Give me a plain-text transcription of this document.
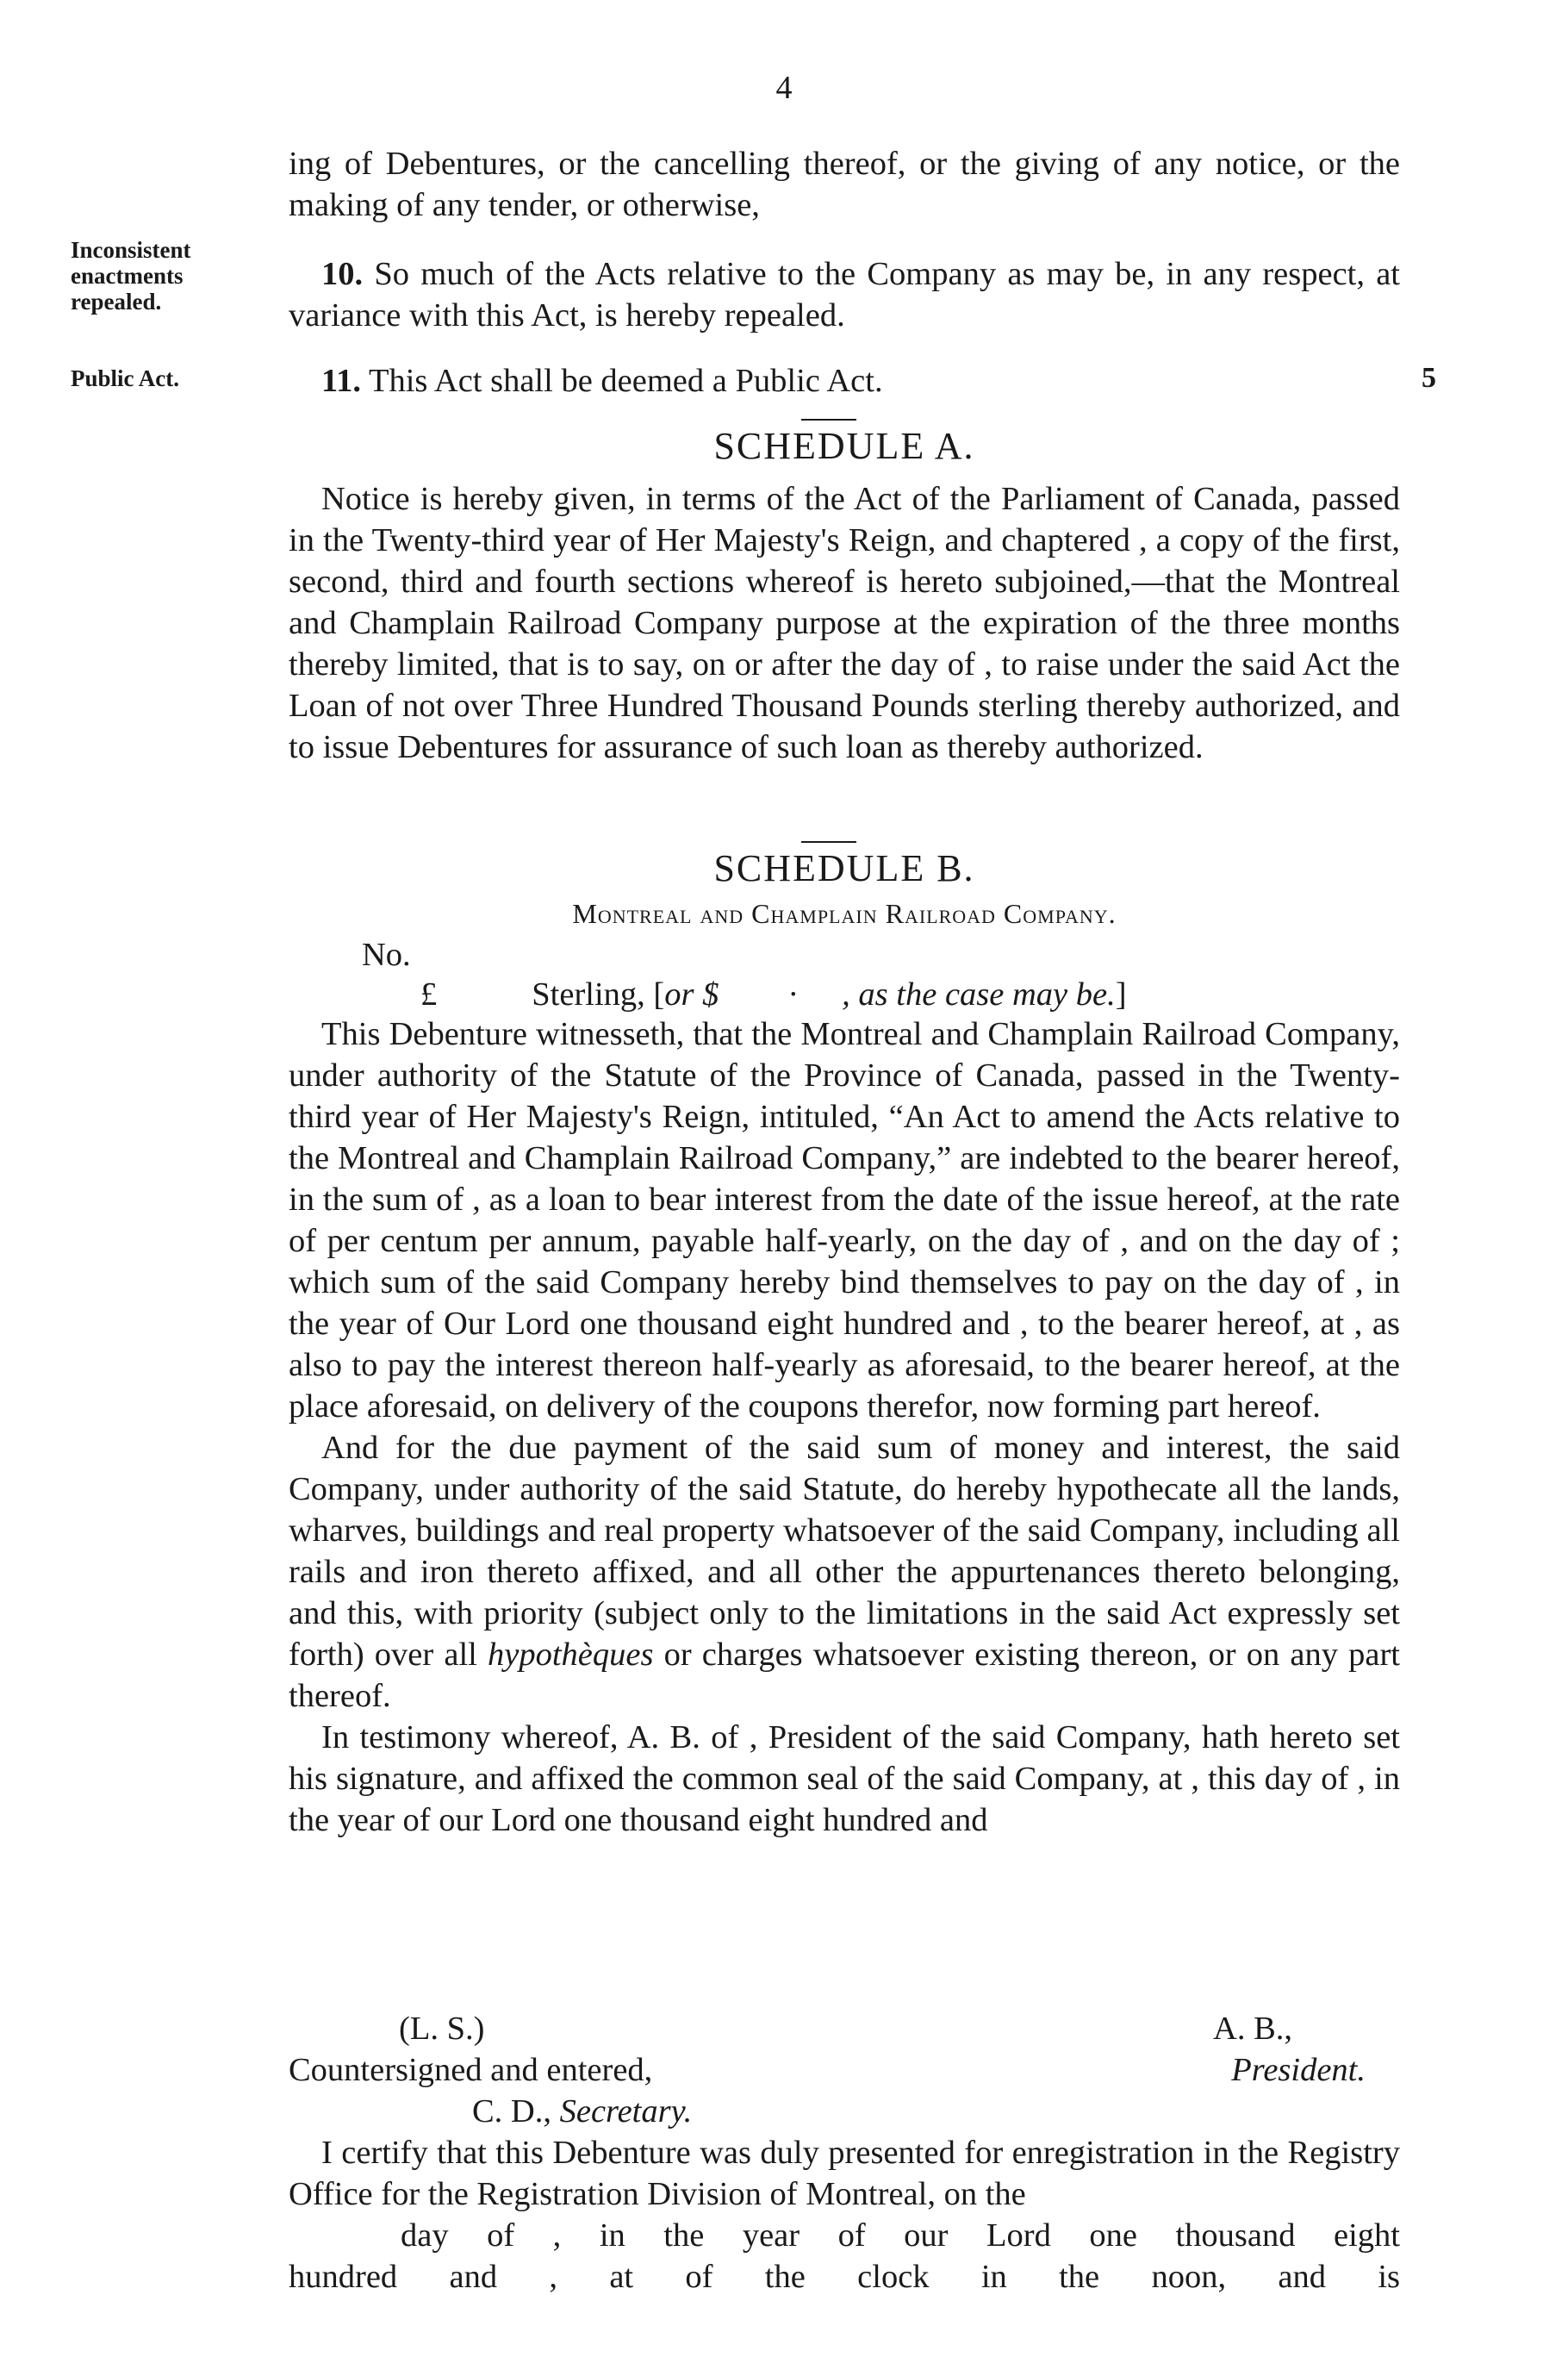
4
Inconsistent enactments repealed.
Public Act.	5

ing of Debentures, or the cancelling thereof, or the giving of any notice, or the making of any tender, or otherwise,

10. So much of the Acts relative to the Company as may be, in any respect, at variance with this Act, is hereby repealed.

11. This Act shall be deemed a Public Act.

SCHEDULE A.

Notice is hereby given, in terms of the Act of the Parliament of Canada, passed in the Twenty-third year of Her Majesty's Reign, and chaptered , a copy of the first, second, third and fourth sections whereof is hereto subjoined,—that the Montreal and Champlain Railroad Company purpose at the expiration of the three months thereby limited, that is to say, on or after the day of , to raise under the said Act the Loan of not over Three Hundred Thousand Pounds sterling thereby authorized, and to issue Debentures for assurance of such loan as thereby authorized.

SCHEDULE B.
Montreal and Champlain Railroad Company.
No.
£	Sterling, [or $ · , as the case may be.]

This Debenture witnesseth, that the Montreal and Champlain Railroad Company, under authority of the Statute of the Province of Canada, passed in the Twenty-third year of Her Majesty's Reign, intituled, “An Act to amend the Acts relative to the Montreal and Champlain Railroad Company,” are indebted to the bearer hereof, in the sum of , as a loan to bear interest from the date of the issue hereof, at the rate of per centum per annum, payable half-yearly, on the day of , and on the day of ; which sum of the said Company hereby bind themselves to pay on the day of , in the year of Our Lord one thousand eight hundred and , to the bearer hereof, at , as also to pay the interest thereon half-yearly as aforesaid, to the bearer hereof, at the place aforesaid, on delivery of the coupons therefor, now forming part hereof.

And for the due payment of the said sum of money and interest, the said Company, under authority of the said Statute, do hereby hypothecate all the lands, wharves, buildings and real property whatsoever of the said Company, including all rails and iron thereto affixed, and all other the appurtenances thereto belonging, and this, with priority (subject only to the limitations in the said Act expressly set forth) over all hypothèques or charges whatsoever existing thereon, or on any part thereof.

In testimony whereof, A. B. of , President of the said Company, hath hereto set his signature, and affixed the common seal of the said Company, at , this day of , in the year of our Lord one thousand eight hundred and

(L. S.)	A. B.,
Countersigned and entered,	President.
C. D., Secretary.

I certify that this Debenture was duly presented for enregistration in the Registry Office for the Registration Division of Montreal, on the

day of , in the year of our Lord one thousand eight

hundred and , at of the clock in the noon, and is
